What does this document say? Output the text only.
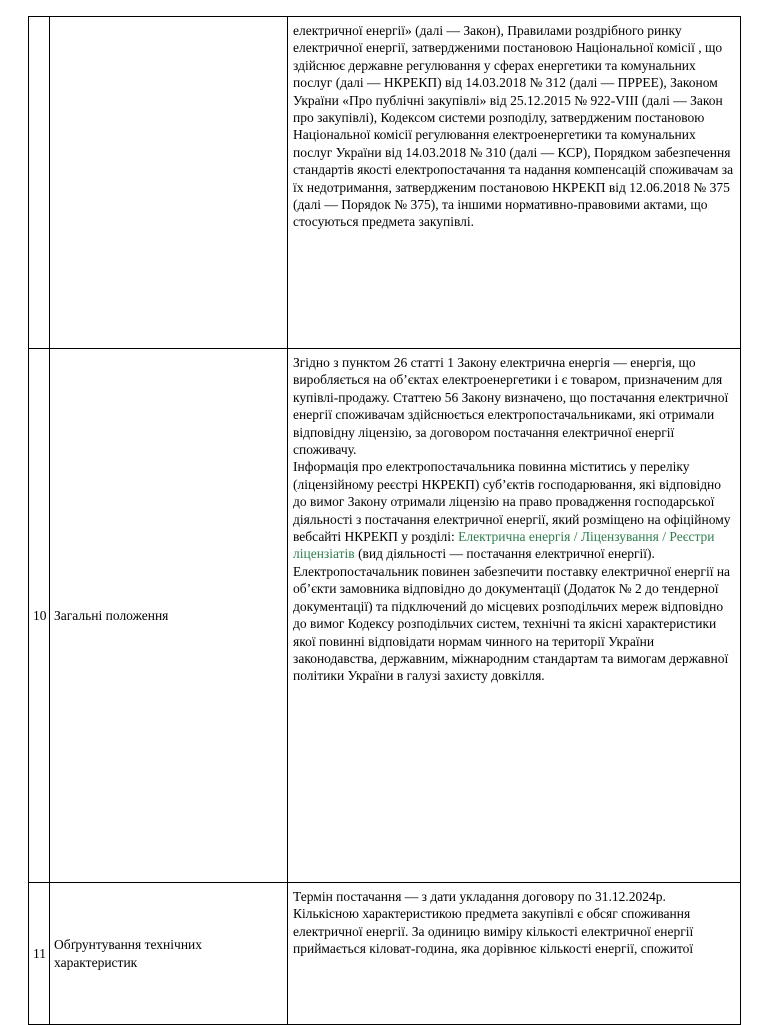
		електричної енергії» (далі — Закон), Правилами роздрібного ринку електричної енергії, затвердженими постановою Національної комісії , що здійснює державне регулювання у сферах енергетики та комунальних послуг (далі — НКРЕКП) від 14.03.2018 № 312 (далі — ПРРЕЕ), Законом України «Про публічні закупівлі» від 25.12.2015 № 922-VIII (далі — Закон про закупівлі), Кодексом системи розподілу, затвердженим постановою Національної комісії регулювання електроенергетики та комунальних послуг України від 14.03.2018 № 310 (далі — КСР), Порядком забезпечення стандартів якості електропостачання та надання компенсацій споживачам за їх недотримання, затвердженим постановою НКРЕКП від 12.06.2018 № 375 (далі — Порядок № 375), та іншими нормативно-правовими актами, що стосуються предмета закупівлі.

10	Загальні положення	Згідно з пунктом 26 статті 1 Закону електрична енергія — енергія, що виробляється на об’єктах електроенергетики і є товаром, призначеним для купівлі-продажу. Статтею 56 Закону визначено, що постачання електричної енергії споживачам здійснюється електропостачальниками, які отримали відповідну ліцензію, за договором постачання електричної енергії споживачу.

Інформація про електропостачальника повинна міститись у переліку (ліцензійному реєстрі НКРЕКП) суб’єктів господарювання, які відповідно до вимог Закону отримали ліцензію на право провадження господарської діяльності з постачання електричної енергії, який розміщено на офіційному вебсайті НКРЕКП у розділі: Електрична енергія / Ліцензування / Реєстри ліцензіатів (вид діяльності — постачання електричної енергії).

Електропостачальник повинен забезпечити поставку електричної енергії на об’єкти замовника відповідно до документації (Додаток № 2 до тендерної документації) та підключений до місцевих розподільчих мереж відповідно до вимог Кодексу розподільчих систем, технічні та якісні характеристики якої повинні відповідати нормам чинного на території України законодавства, державним, міжнародним стандартам та вимогам державної політики України в галузі захисту довкілля.

11	Обґрунтування технічних характеристик	Термін постачання — з дати укладання договору по 31.12.2024р.

Кількісною характеристикою предмета закупівлі є обсяг споживання електричної енергії. За одиницю виміру кількості електричної енергії приймається кіловат-година, яка дорівнює кількості енергії, спожитої
